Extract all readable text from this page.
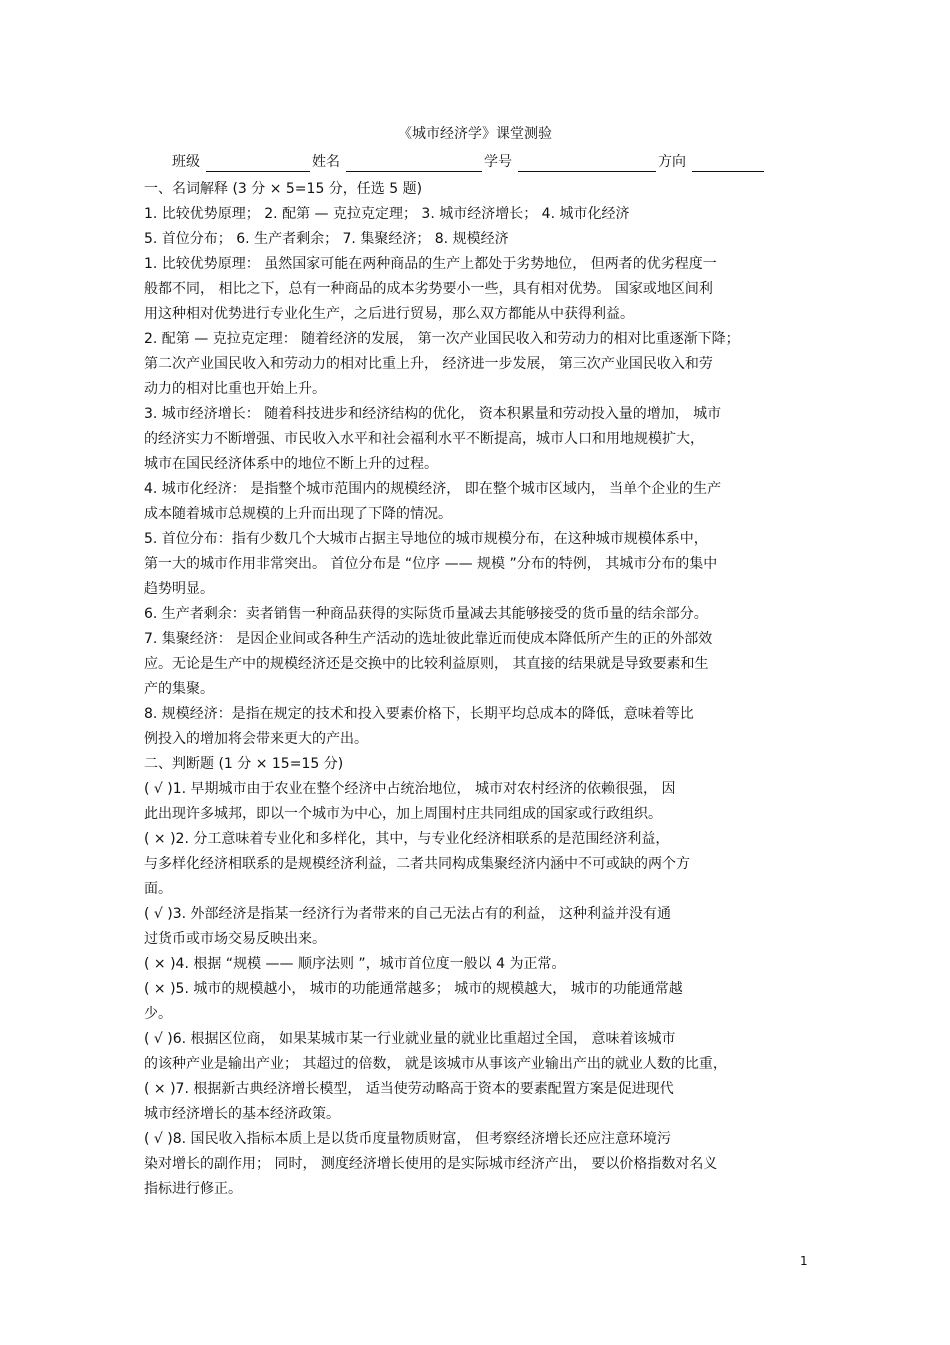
《城市经济学》课堂测验
班级	姓名	学号	方向
一、名词解释 (3 分 × 5=15 分，任选 5 题)
1. 比较优势原理； 2. 配第 — 克拉克定理； 3. 城市经济增长； 4. 城市化经济
5. 首位分布； 6. 生产者剩余； 7. 集聚经济； 8. 规模经济
1. 比较优势原理： 虽然国家可能在两种商品的生产上都处于劣势地位， 但两者的优劣程度一
般都不同， 相比之下，总有一种商品的成本劣势要小一些，具有相对优势。 国家或地区间利
用这种相对优势进行专业化生产，之后进行贸易，那么双方都能从中获得利益。
2. 配第 — 克拉克定理： 随着经济的发展， 第一次产业国民收入和劳动力的相对比重逐渐下降；
第二次产业国民收入和劳动力的相对比重上升， 经济进一步发展， 第三次产业国民收入和劳
动力的相对比重也开始上升。
3. 城市经济增长： 随着科技进步和经济结构的优化， 资本积累量和劳动投入量的增加， 城市
的经济实力不断增强、市民收入水平和社会福利水平不断提高，城市人口和用地规模扩大，
城市在国民经济体系中的地位不断上升的过程。
4. 城市化经济： 是指整个城市范围内的规模经济， 即在整个城市区域内， 当单个企业的生产
成本随着城市总规模的上升而出现了下降的情况。
5. 首位分布：指有少数几个大城市占据主导地位的城市规模分布，在这种城市规模体系中，
第一大的城市作用非常突出。 首位分布是 “位序 —— 规模 ”分布的特例， 其城市分布的集中
趋势明显。
6. 生产者剩余：卖者销售一种商品获得的实际货币量减去其能够接受的货币量的结余部分。
7. 集聚经济： 是因企业间或各种生产活动的选址彼此靠近而使成本降低所产生的正的外部效
应。无论是生产中的规模经济还是交换中的比较利益原则， 其直接的结果就是导致要素和生
产的集聚。
8. 规模经济：是指在规定的技术和投入要素价格下，长期平均总成本的降低，意味着等比
例投入的增加将会带来更大的产出。
二、判断题 (1 分 × 15=15 分)
( √ )1. 早期城市由于农业在整个经济中占统治地位， 城市对农村经济的依赖很强， 因
此出现许多城邦，即以一个城市为中心，加上周围村庄共同组成的国家或行政组织。
( × )2. 分工意味着专业化和多样化，其中，与专业化经济相联系的是范围经济利益，
与多样化经济相联系的是规模经济利益，二者共同构成集聚经济内涵中不可或缺的两个方
面。
( √ )3. 外部经济是指某一经济行为者带来的自己无法占有的利益， 这种利益并没有通
过货币或市场交易反映出来。
( × )4. 根据 “规模 —— 顺序法则 ”，城市首位度一般以 4 为正常。
( × )5. 城市的规模越小， 城市的功能通常越多； 城市的规模越大， 城市的功能通常越
少。
( √ )6. 根据区位商， 如果某城市某一行业就业量的就业比重超过全国， 意味着该城市
的该种产业是输出产业； 其超过的倍数， 就是该城市从事该产业输出产出的就业人数的比重，
( × )7. 根据新古典经济增长模型， 适当使劳动略高于资本的要素配置方案是促进现代
城市经济增长的基本经济政策。
( √ )8. 国民收入指标本质上是以货币度量物质财富， 但考察经济增长还应注意环境污
染对增长的副作用； 同时， 测度经济增长使用的是实际城市经济产出， 要以价格指数对名义
指标进行修正。
1
